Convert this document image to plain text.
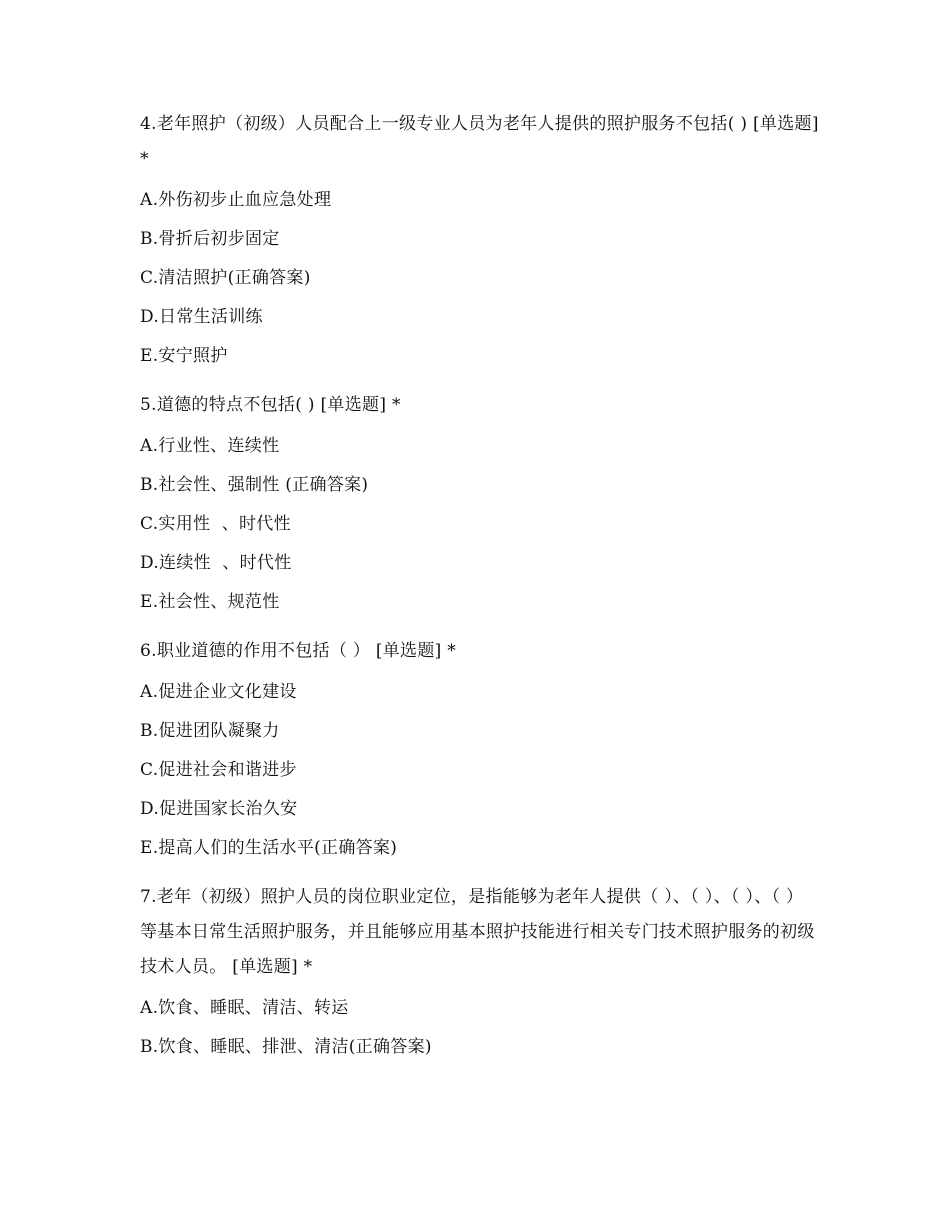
4.老年照护（初级）人员配合上一级专业人员为老年人提供的照护服务不包括( ) [单选题] *

A.外伤初步止血应急处理
B.骨折后初步固定
C.清洁照护(正确答案)
D.日常生活训练
E.安宁照护

5.道德的特点不包括( ) [单选题] *

A.行业性、连续性
B.社会性、强制性 (正确答案)
C.实用性  、时代性
D.连续性  、时代性
E.社会性、规范性

6.职业道德的作用不包括（ ） [单选题] *

A.促进企业文化建设
B.促进团队凝聚力
C.促进社会和谐进步
D.促进国家长治久安
E.提高人们的生活水平(正确答案)

7.老年（初级）照护人员的岗位职业定位，是指能够为老年人提供（ ）、（ ）、（ ）、（ ）等基本日常生活照护服务，并且能够应用基本照护技能进行相关专门技术照护服务的初级技术人员。 [单选题] *

A.饮食、睡眠、清洁、转运
B.饮食、睡眠、排泄、清洁(正确答案)
